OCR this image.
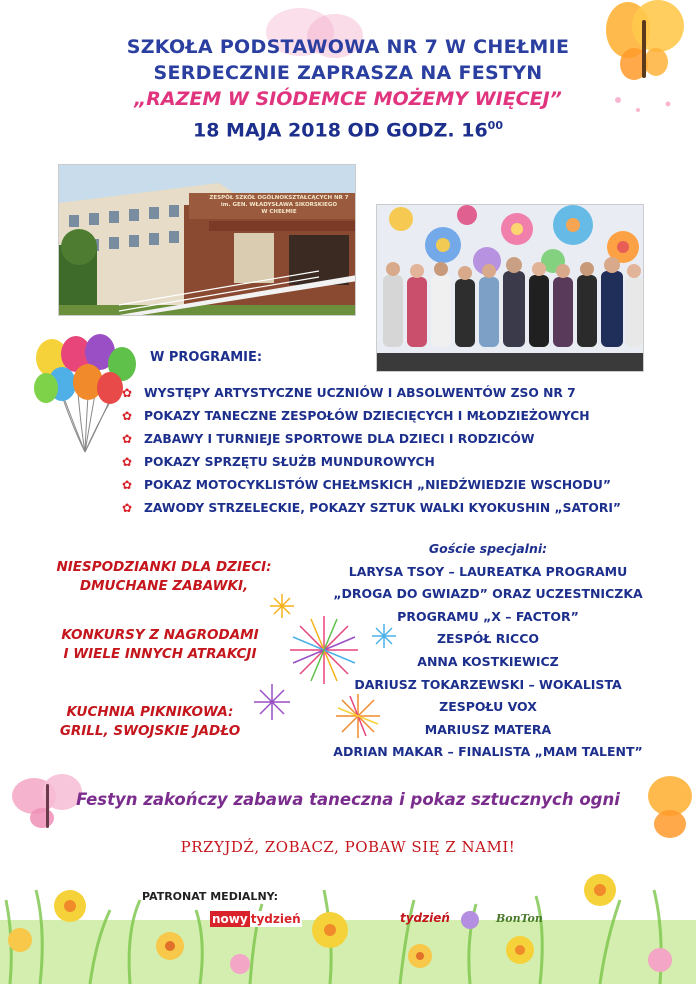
SZKOŁA PODSTAWOWA NR 7 W CHEŁMIE
SERDECZNIE ZAPRASZA NA FESTYN
„RAZEM W SIÓDEMCE MOŻEMY WIĘCEJ”
18 MAJA 2018 OD GODZ. $16^{00}$
ZESPÓŁ SZKÓŁ OGÓLNOKSZTAŁCĄCYCH NR 7
im. GEN. WŁADYSŁAWA SIKORSKIEGO
W CHEŁMIE
W PROGRAMIE:
✿ WYSTĘPY ARTYSTYCZNE UCZNIÓW I ABSOLWENTÓW ZSO NR 7
✿ POKAZY TANECZNE ZESPOŁÓW DZIECIĘCYCH I MŁODZIEŻOWYCH
✿ ZABAWY I TURNIEJE SPORTOWE DLA DZIECI I RODZICÓW
✿ POKAZY SPRZĘTU SŁUŻB MUNDUROWYCH
✿ POKAZ MOTOCYKLISTÓW CHEŁMSKICH „NIEDŹWIEDZIE WSCHODU”
✿ ZAWODY STRZELECKIE, POKAZY SZTUK WALKI KYOKUSHIN „SATORI”
NIESPODZIANKI DLA DZIECI:
DMUCHANE ZABAWKI,
KONKURSY Z NAGRODAMI
I WIELE INNYCH ATRAKCJI
KUCHNIA PIKNIKOWA:
GRILL, SWOJSKIE JADŁO
Goście specjalni:
LARYSA TSOY – LAUREATKA PROGRAMU
„DROGA DO GWIAZD” ORAZ UCZESTNICZKA
PROGRAMU „X – FACTOR”
ZESPÓŁ RICCO
ANNA KOSTKIEWICZ
DARIUSZ TOKARZEWSKI – WOKALISTA
ZESPOŁU VOX
MARIUSZ MATERA
ADRIAN MAKAR – FINALISTA „MAM TALENT”
Festyn zakończy zabawa taneczna i pokaz sztucznych ogni
PRZYJDŹ, ZOBACZ, POBAW SIĘ Z NAMI!
PATRONAT MEDIALNY:
nowy tydzień	tydzień	BonTon
